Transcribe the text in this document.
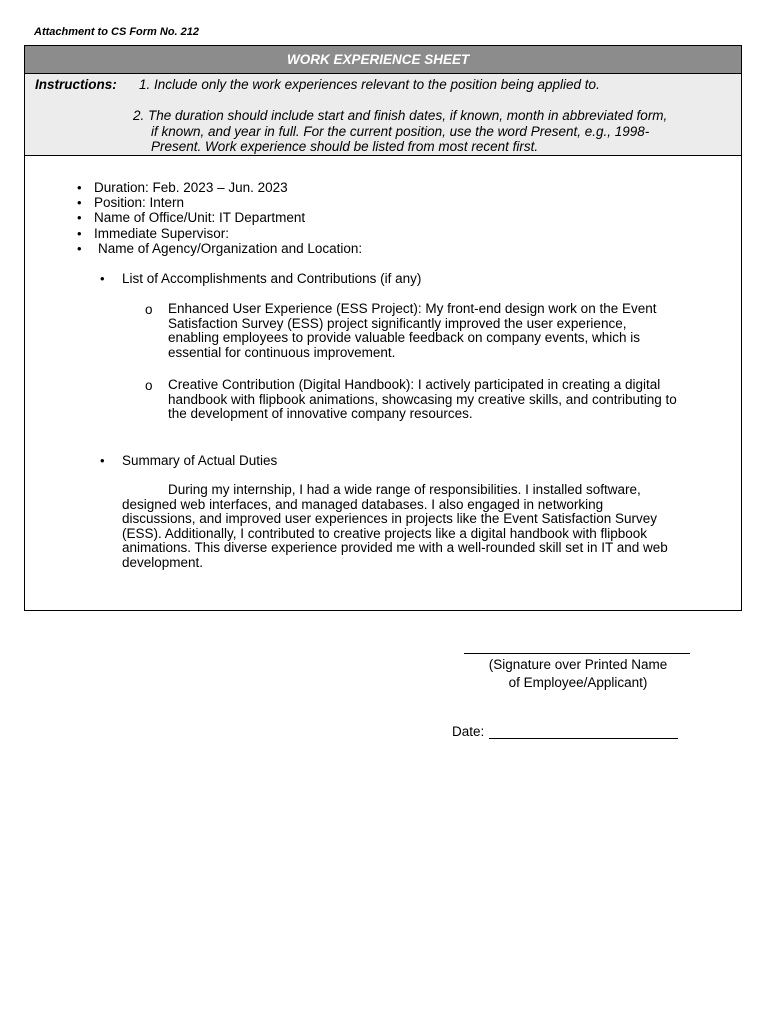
Attachment to CS Form No. 212
WORK EXPERIENCE SHEET
Instructions: 1. Include only the work experiences relevant to the position being applied to.
2. The duration should include start and finish dates, if known, month in abbreviated form,
if known, and year in full. For the current position, use the word Present, e.g., 1998-
Present. Work experience should be listed from most recent first.
• Duration: Feb. 2023 – Jun. 2023
• Position: Intern
• Name of Office/Unit: IT Department
• Immediate Supervisor:
• Name of Agency/Organization and Location:
• List of Accomplishments and Contributions (if any)
o Enhanced User Experience (ESS Project): My front-end design work on the Event
Satisfaction Survey (ESS) project significantly improved the user experience,
enabling employees to provide valuable feedback on company events, which is
essential for continuous improvement.
o Creative Contribution (Digital Handbook): I actively participated in creating a digital
handbook with flipbook animations, showcasing my creative skills, and contributing to
the development of innovative company resources.
• Summary of Actual Duties
During my internship, I had a wide range of responsibilities. I installed software,
designed web interfaces, and managed databases. I also engaged in networking
discussions, and improved user experiences in projects like the Event Satisfaction Survey
(ESS). Additionally, I contributed to creative projects like a digital handbook with flipbook
animations. This diverse experience provided me with a well-rounded skill set in IT and web
development.
(Signature over Printed Name
of Employee/Applicant)
Date:
